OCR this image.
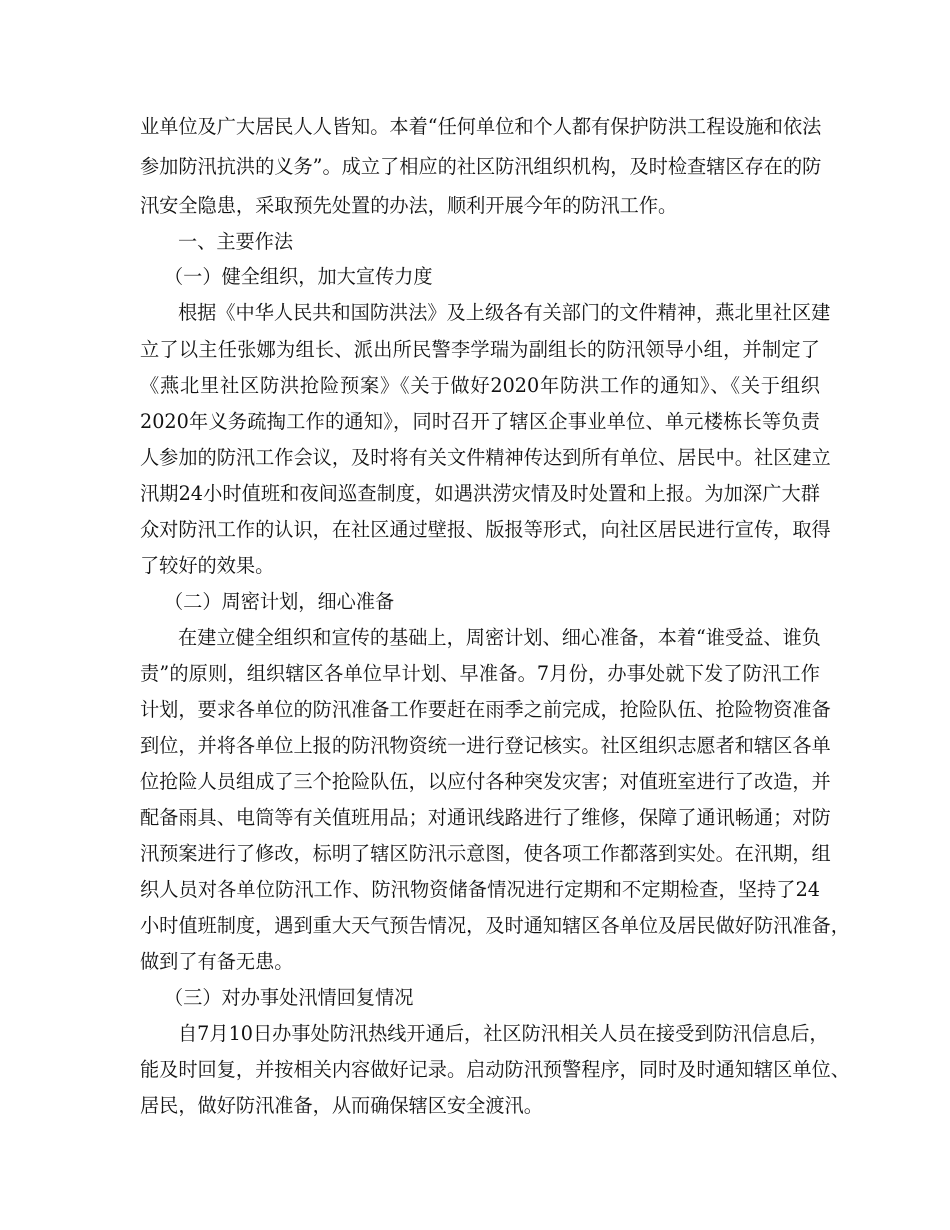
业单位及广大居民人人皆知。本着“任何单位和个人都有保护防洪工程设施和依法
参加防汛抗洪的义务”。成立了相应的社区防汛组织机构，及时检查辖区存在的防
汛安全隐患，采取预先处置的办法，顺利开展今年的防汛工作。
一、主要作法
（一）健全组织，加大宣传力度
根据《中华人民共和国防洪法》及上级各有关部门的文件精神，燕北里社区建
立了以主任张娜为组长、派出所民警李学瑞为副组长的防汛领导小组，并制定了
《燕北里社区防洪抢险预案》《关于做好2020年防洪工作的通知》、《关于组织
2020年义务疏掏工作的通知》，同时召开了辖区企事业单位、单元楼栋长等负责
人参加的防汛工作会议，及时将有关文件精神传达到所有单位、居民中。社区建立
汛期24小时值班和夜间巡查制度，如遇洪涝灾情及时处置和上报。为加深广大群
众对防汛工作的认识，在社区通过壁报、版报等形式，向社区居民进行宣传，取得
了较好的效果。
（二）周密计划，细心准备
在建立健全组织和宣传的基础上，周密计划、细心准备，本着“谁受益、谁负
责”的原则，组织辖区各单位早计划、早准备。7月份，办事处就下发了防汛工作
计划，要求各单位的防汛准备工作要赶在雨季之前完成，抢险队伍、抢险物资准备
到位，并将各单位上报的防汛物资统一进行登记核实。社区组织志愿者和辖区各单
位抢险人员组成了三个抢险队伍，以应付各种突发灾害；对值班室进行了改造，并
配备雨具、电筒等有关值班用品；对通讯线路进行了维修，保障了通讯畅通；对防
汛预案进行了修改，标明了辖区防汛示意图，使各项工作都落到实处。在汛期，组
织人员对各单位防汛工作、防汛物资储备情况进行定期和不定期检查，坚持了24
小时值班制度，遇到重大天气预告情况，及时通知辖区各单位及居民做好防汛准备，
做到了有备无患。
（三）对办事处汛情回复情况
自7月10日办事处防汛热线开通后，社区防汛相关人员在接受到防汛信息后，
能及时回复，并按相关内容做好记录。启动防汛预警程序，同时及时通知辖区单位、
居民，做好防汛准备，从而确保辖区安全渡汛。
